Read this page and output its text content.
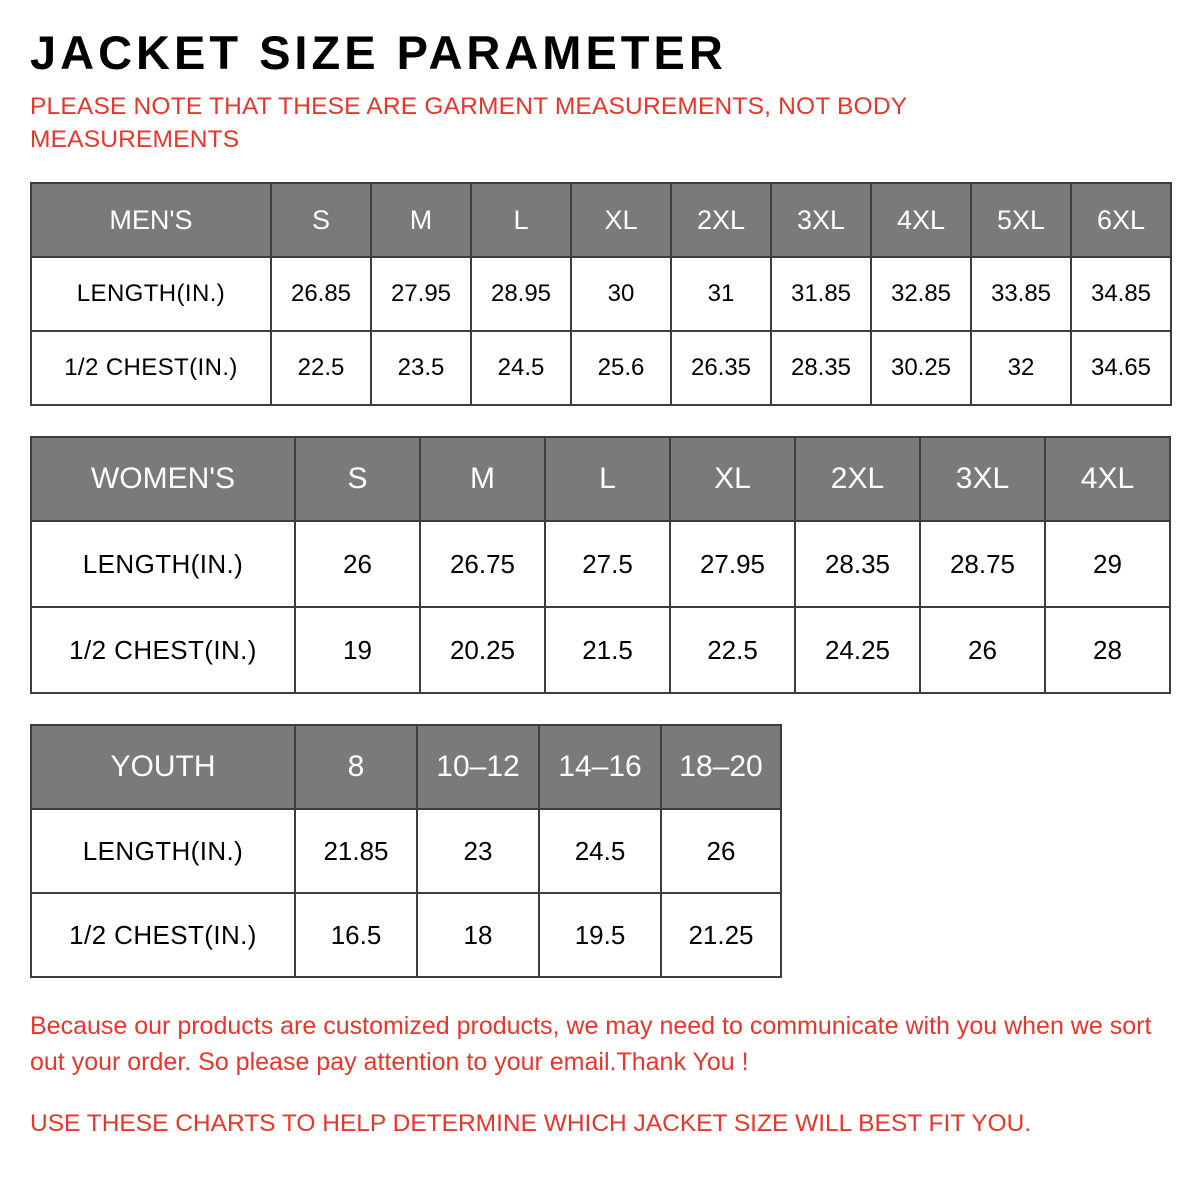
JACKET SIZE PARAMETER

PLEASE NOTE THAT THESE ARE GARMENT MEASUREMENTS, NOT BODY MEASUREMENTS

MEN'S	S	M	L	XL	2XL	3XL	4XL	5XL	6XL
LENGTH(IN.)	26.85	27.95	28.95	30	31	31.85	32.85	33.85	34.85
1/2 CHEST(IN.)	22.5	23.5	24.5	25.6	26.35	28.35	30.25	32	34.65
WOMEN'S	S	M	L	XL	2XL	3XL	4XL
LENGTH(IN.)	26	26.75	27.5	27.95	28.35	28.75	29
1/2 CHEST(IN.)	19	20.25	21.5	22.5	24.25	26	28
YOUTH	8	10–12	14–16	18–20
LENGTH(IN.)	21.85	23	24.5	26
1/2 CHEST(IN.)	16.5	18	19.5	21.25

Because our products are customized products, we may need to communicate with you when we sort out your order. So please pay attention to your email.Thank You !

USE THESE CHARTS TO HELP DETERMINE WHICH JACKET SIZE WILL BEST FIT YOU.
